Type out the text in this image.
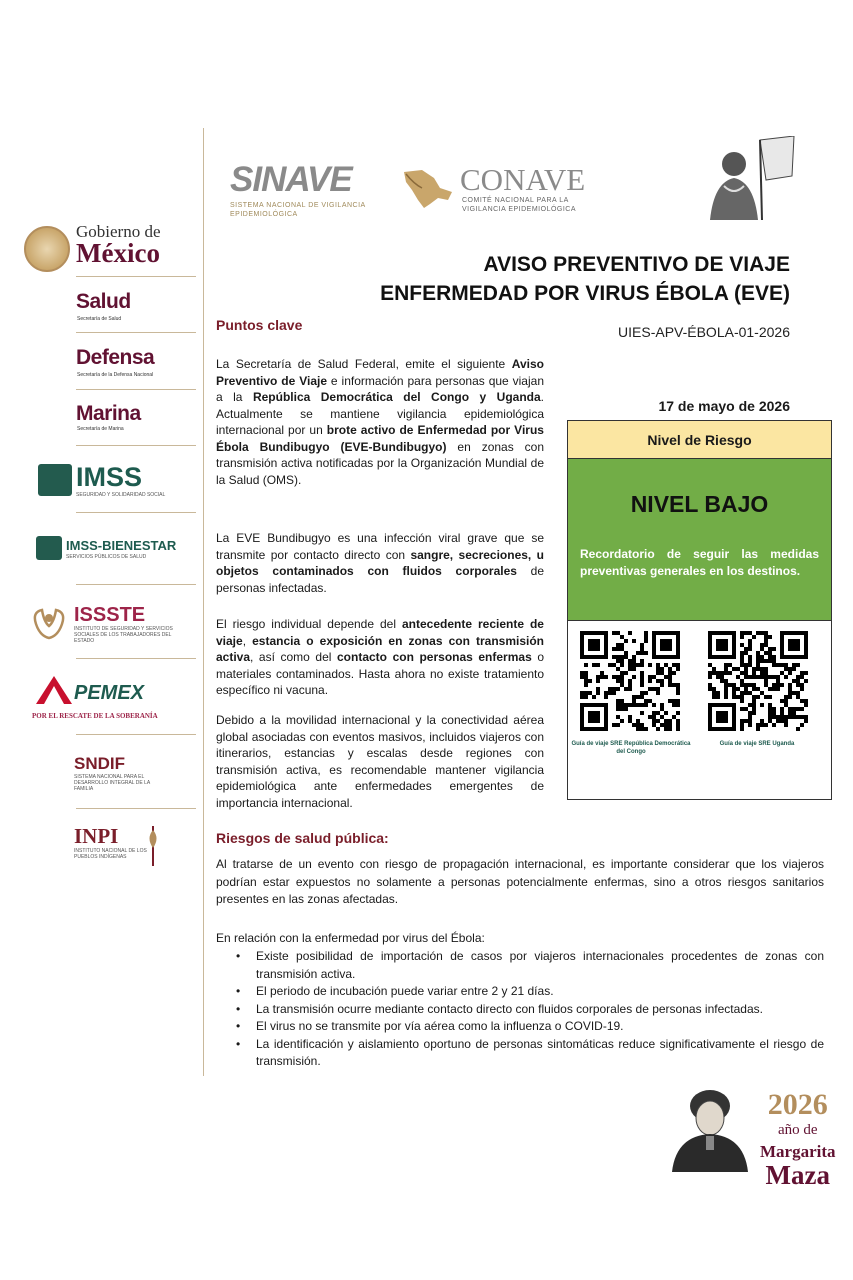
Gobierno de
México
Salud
Secretaría de Salud
Defensa
Secretaría de la Defensa Nacional
Marina
Secretaría de Marina
IMSS
SEGURIDAD Y SOLIDARIDAD SOCIAL
IMSS-BIENESTAR
SERVICIOS PÚBLICOS DE SALUD
ISSSTE
INSTITUTO DE SEGURIDAD Y SERVICIOS SOCIALES DE LOS TRABAJADORES DEL ESTADO
PEMEX
POR EL RESCATE DE LA SOBERANÍA
SNDIF
SISTEMA NACIONAL PARA EL DESARROLLO INTEGRAL DE LA FAMILIA
INPI
INSTITUTO NACIONAL DE LOS PUEBLOS INDÍGENAS
SINAVE
SISTEMA NACIONAL DE VIGILANCIA EPIDEMIOLÓGICA
CONAVE
COMITÉ NACIONAL PARA LA VIGILANCIA EPIDEMIOLÓGICA
AVISO PREVENTIVO DE VIAJE
ENFERMEDAD POR VIRUS ÉBOLA (EVE)
UIES-APV-ÉBOLA-01-2026
Puntos clave
La Secretaría de Salud Federal, emite el siguiente Aviso Preventivo de Viaje e información para personas que viajan a la República Democrática del Congo y Uganda. Actualmente se mantiene vigilancia epidemiológica internacional por un brote activo de Enfermedad por Virus Ébola Bundibugyo (EVE-Bundibugyo) en zonas con transmisión activa notificadas por la Organización Mundial de la Salud (OMS).
La EVE Bundibugyo es una infección viral grave que se transmite por contacto directo con sangre, secreciones, u objetos contaminados con fluidos corporales de personas infectadas.
El riesgo individual depende del antecedente reciente de viaje, estancia o exposición en zonas con transmisión activa, así como del contacto con personas enfermas o materiales contaminados. Hasta ahora no existe tratamiento específico ni vacuna.
Debido a la movilidad internacional y la conectividad aérea global asociadas con eventos masivos, incluidos viajeros con itinerarios, estancias y escalas desde regiones con transmisión activa, es recomendable mantener vigilancia epidemiológica ante enfermedades emergentes de importancia internacional.
17 de mayo de 2026
Nivel de Riesgo
NIVEL BAJO
Recordatorio de seguir las medidas preventivas generales en los destinos.
Guía de viaje SRE República Democrática del Congo
Guía de viaje SRE Uganda
Riesgos de salud pública:
Al tratarse de un evento con riesgo de propagación internacional, es importante considerar que los viajeros podrían estar expuestos no solamente a personas potencialmente enfermas, sino a otros riesgos sanitarios presentes en las zonas afectadas.
En relación con la enfermedad por virus del Ébola:
• Existe posibilidad de importación de casos por viajeros internacionales procedentes de zonas con transmisión activa.
• El periodo de incubación puede variar entre 2 y 21 días.
• La transmisión ocurre mediante contacto directo con fluidos corporales de personas infectadas.
• El virus no se transmite por vía aérea como la influenza o COVID-19.
• La identificación y aislamiento oportuno de personas sintomáticas reduce significativamente el riesgo de transmisión.
2026
año de
Margarita
Maza
